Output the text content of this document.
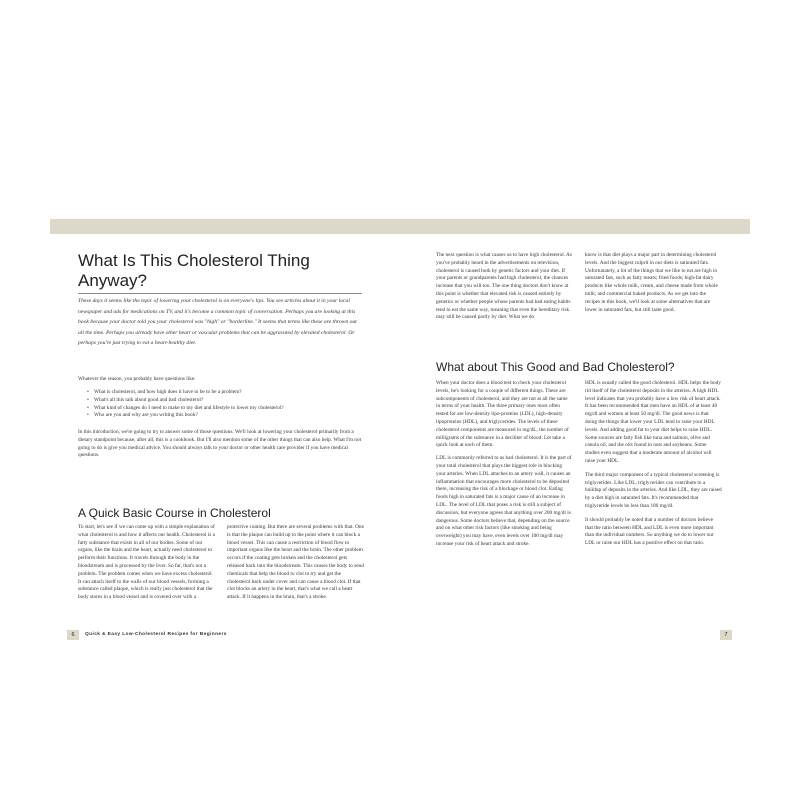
What Is This Cholesterol Thing Anyway?

These days it seems like the topic of lowering your cholesterol is on everyone's lips. You see articles about it in your local newspaper and ads for medications on TV, and it's become a common topic of conversation. Perhaps you are looking at this book because your doctor told you your cholesterol was "high" or "borderline." It seems that terms like these are thrown out all the time. Perhaps you already have other heart or vascular problems that can be aggravated by elevated cholesterol. Or perhaps you're just trying to eat a heart-healthy diet.

Whatever the reason, you probably have questions like:

• What is cholesterol, and how high does it have to be to be a problem?
• What's all this talk about good and bad cholesterol?
• What kind of changes do I need to make to my diet and lifestyle to lower my cholesterol?
• Who are you and why are you writing this book?

In this introduction, we're going to try to answer some of those questions. We'll look at lowering your cholesterol primarily from a dietary standpoint because, after all, this is a cookbook. But I'll also mention some of the other things that can also help. What I'm not going to do is give you medical advice. You should always talk to your doctor or other health care provider if you have medical questions.

A Quick Basic Course in Cholesterol

To start, let's see if we can come up with a simple explanation of what cholesterol is and how it affects our health. Cholesterol is a fatty substance that exists in all of our bodies. Some of our organs, like the brain and the heart, actually need cholesterol to perform their functions. It travels through the body in the bloodstream and is processed by the liver. So far, that's not a problem. The problem comes when we have excess cholesterol. It can attach itself to the walls of our blood vessels, forming a substance called plaque, which is really just cholesterol that the body stores in a blood vessel and is covered over with a

protective coating. But there are several problems with that. One is that the plaque can build up to the point where it can block a blood vessel. This can cause a restriction of blood flow to important organs like the heart and the brain. The other problem occurs if the coating gets broken and the cholesterol gets released back into the bloodstream. This causes the body to send chemicals that help the blood to clot to try and get the cholesterol back under cover and can cause a blood clot. If that clot blocks an artery in the heart, that's what we call a heart attack. If it happens in the brain, that's a stroke.

6	Quick & Easy Low-Cholesterol Recipes for Beginners

The next question is what causes us to have high cholesterol. As you've probably heard in the advertisements on television, cholesterol is caused both by genetic factors and your diet. If your parents or grandparents had high cholesterol, the chances increase that you will too. The one thing doctors don't know at this point is whether that elevated risk is caused entirely by genetics or whether people whose parents had bad eating habits tend to eat the same way, meaning that even the hereditary risk may still be caused partly by diet. What we do

know is that diet plays a major part in determining cholesterol levels. And the biggest culprit in our diets is saturated fats. Unfortunately, a lot of the things that we like to eat are high in saturated fats, such as fatty meats; fried foods; high-fat dairy products like whole milk, cream, and cheese made from whole milk; and commercial baked products. As we get into the recipes in this book, we'll look at some alternatives that are lower in saturated fats, but still taste good.

What about This Good and Bad Cholesterol?

When your doctor does a blood test to check your cholesterol levels, he's looking for a couple of different things. These are subcomponents of cholesterol, and they are not at all the same in terms of your health. The three primary ones most often tested for are low-density lipo-proteins (LDL), high-density lipoproteins (HDL), and triglycerides. The levels of these cholesterol components are measured in mg/dL, the number of milligrams of the substance in a deciliter of blood. Let take a quick look at each of them.

LDL is commonly referred to as bad cholesterol. It is the part of your total cholesterol that plays the biggest role in blocking your arteries. When LDL attaches to an artery wall, it causes an inflammation that encourages more cholesterol to be deposited there, increasing the risk of a blockage or blood clot. Eating foods high in saturated fats is a major cause of an increase in LDL. The level of LDL that poses a risk is still a subject of discussion, but everyone agrees that anything over 200 mg/dl is dangerous. Some doctors believe that, depending on the source and on what other risk factors (like smoking and being overweight) you may have, even levels over 100 mg/dl may increase your risk of heart attack and stroke.

HDL is usually called the good cholesterol. HDL helps the body rid itself of the cholesterol deposits in the arteries. A high HDL level indicates that you probably have a low risk of heart attack. It has been recommended that men have an HDL of at least 40 mg/dl and women at least 50 mg/dl. The good news is that doing the things that lower your LDL tend to raise your HDL levels. And adding good fat to your diet helps to raise HDL. Some sources are fatty fish like tuna and salmon, olive and canola oil, and the oils found in nuts and soybeans. Some studies even suggest that a moderate amount of alcohol will raise your HDL.

The third major component of a typical cholesterol screening is triglycerides. Like LDL, triglycerides can contribute to a buildup of deposits in the arteries. And like LDL, they are raised by a diet high in saturated fats. It's recommended that triglyceride levels be less than 180 mg/dl.

It should probably be noted that a number of doctors believe that the ratio between HDL and LDL is even more important than the individual numbers. So anything we do to lower our LDL or raise our HDL has a positive effect on that ratio.

7
